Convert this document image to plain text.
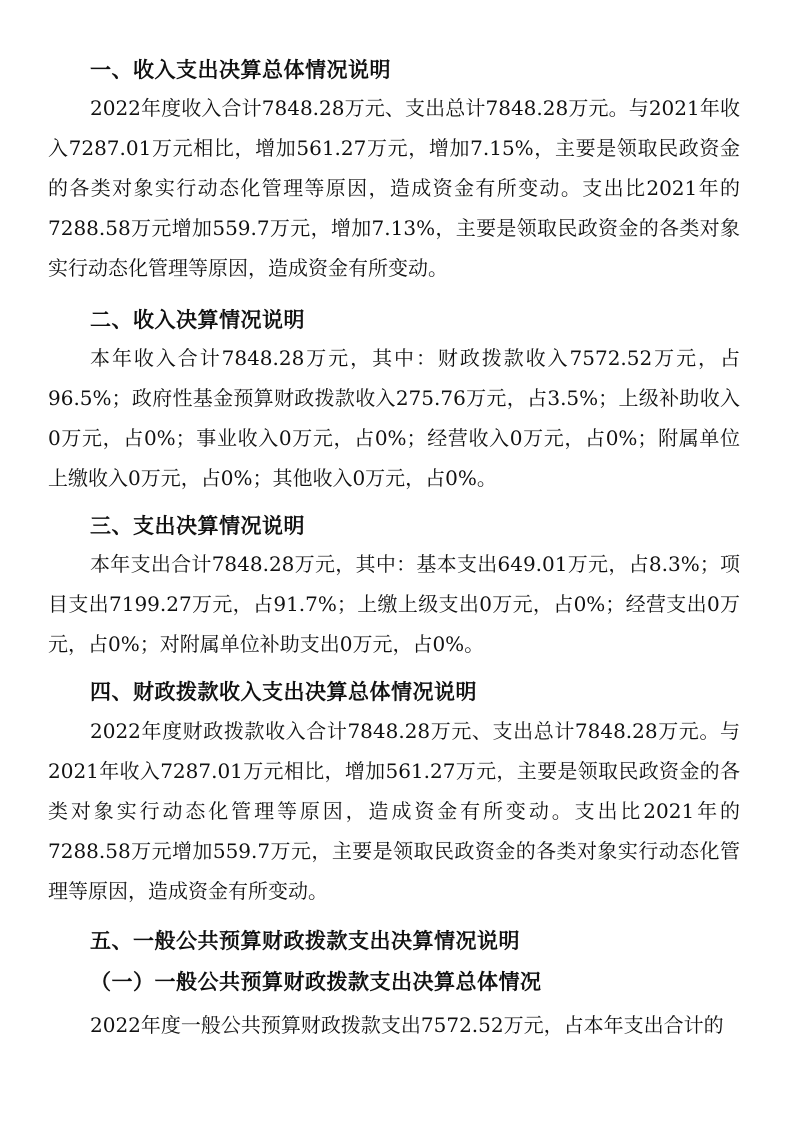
一、收入支出决算总体情况说明

2022年度收入合计7848.28万元、支出总计7848.28万元。与2021年收入7287.01万元相比，增加561.27万元，增加7.15%，主要是领取民政资金的各类对象实行动态化管理等原因，造成资金有所变动。支出比2021年的7288.58万元增加559.7万元，增加7.13%，主要是领取民政资金的各类对象实行动态化管理等原因，造成资金有所变动。

二、收入决算情况说明

本年收入合计7848.28万元，其中：财政拨款收入7572.52万元，占96.5%；政府性基金预算财政拨款收入275.76万元，占3.5%；上级补助收入0万元，占0%；事业收入0万元，占0%；经营收入0万元，占0%；附属单位上缴收入0万元，占0%；其他收入0万元，占0%。

三、支出决算情况说明

本年支出合计7848.28万元，其中：基本支出649.01万元，占8.3%；项目支出7199.27万元，占91.7%；上缴上级支出0万元，占0%；经营支出0万元，占0%；对附属单位补助支出0万元，占0%。

四、财政拨款收入支出决算总体情况说明

2022年度财政拨款收入合计7848.28万元、支出总计7848.28万元。与2021年收入7287.01万元相比，增加561.27万元，主要是领取民政资金的各类对象实行动态化管理等原因，造成资金有所变动。支出比2021年的7288.58万元增加559.7万元，主要是领取民政资金的各类对象实行动态化管理等原因，造成资金有所变动。

五、一般公共预算财政拨款支出决算情况说明
（一）一般公共预算财政拨款支出决算总体情况

2022年度一般公共预算财政拨款支出7572.52万元，占本年支出合计的
